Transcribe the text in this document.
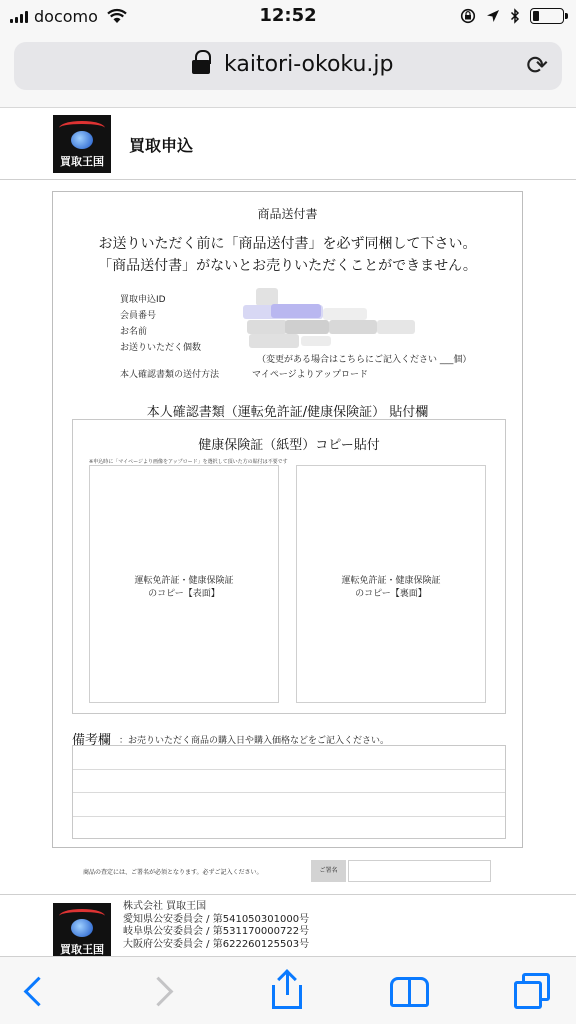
docomo	12:52
kaitori-okoku.jp	⟳
買取王国
買取申込
商品送付書
お送りいただく前に「商品送付書」を必ず同梱して下さい。
「商品送付書」がないとお売りいただくことができません。
買取申込ID
会員番号
お名前
お送りいただく個数
（変更がある場合はこちらにご記入ください ___個）
本人確認書類の送付方法	マイページよりアップロード
本人確認書類（運転免許証/健康保険証） 貼付欄
健康保険証（紙型）コピー貼付
※申込時に「マイページより画像をアップロード」を選択して頂いた方の貼付は不要です
運転免許証・健康保険証
のコピー【表面】
運転免許証・健康保険証
のコピー【裏面】
備考欄 ：お売りいただく商品の購入日や購入価格などをご記入ください。
商品の査定には、ご署名が必須となります。必ずご記入ください。	ご署名
買取王国
株式会社 買取王国
愛知県公安委員会 / 第541050301000号
岐阜県公安委員会 / 第531170000722号
大阪府公安委員会 / 第622260125503号
